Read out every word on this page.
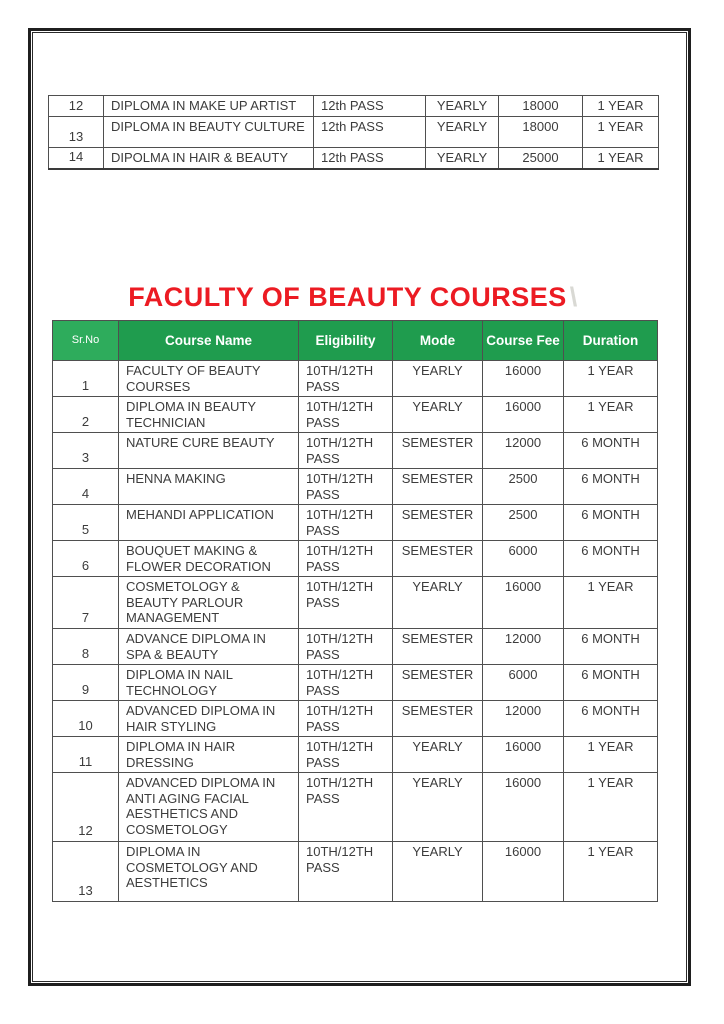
12	DIPLOMA IN MAKE UP ARTIST	12th PASS	YEARLY	18000	1 YEAR
13	DIPLOMA IN BEAUTY CULTURE	12th PASS	YEARLY	18000	1 YEAR
14	DIPOLMA IN HAIR & BEAUTY	12th PASS	YEARLY	25000	1 YEAR
FACULTY OF BEAUTY COURSES \
Sr.No	Course Name	Eligibility	Mode	Course Fee	Duration
1	FACULTY OF BEAUTY COURSES	10TH/12TH PASS	YEARLY	16000	1 YEAR
2	DIPLOMA IN BEAUTY TECHNICIAN	10TH/12TH PASS	YEARLY	16000	1 YEAR
3	NATURE CURE BEAUTY	10TH/12TH PASS	SEMESTER	12000	6 MONTH
4	HENNA MAKING	10TH/12TH PASS	SEMESTER	2500	6 MONTH
5	MEHANDI APPLICATION	10TH/12TH PASS	SEMESTER	2500	6 MONTH
6	BOUQUET MAKING & FLOWER DECORATION	10TH/12TH PASS	SEMESTER	6000	6 MONTH
7	COSMETOLOGY & BEAUTY PARLOUR MANAGEMENT	10TH/12TH PASS	YEARLY	16000	1 YEAR
8	ADVANCE DIPLOMA IN SPA & BEAUTY	10TH/12TH PASS	SEMESTER	12000	6 MONTH
9	DIPLOMA IN NAIL TECHNOLOGY	10TH/12TH PASS	SEMESTER	6000	6 MONTH
10	ADVANCED DIPLOMA IN HAIR STYLING	10TH/12TH PASS	SEMESTER	12000	6 MONTH
11	DIPLOMA IN HAIR DRESSING	10TH/12TH PASS	YEARLY	16000	1 YEAR
12	ADVANCED DIPLOMA IN ANTI AGING FACIAL AESTHETICS AND COSMETOLOGY	10TH/12TH PASS	YEARLY	16000	1 YEAR
13	DIPLOMA IN COSMETOLOGY AND AESTHETICS	10TH/12TH PASS	YEARLY	16000	1 YEAR
